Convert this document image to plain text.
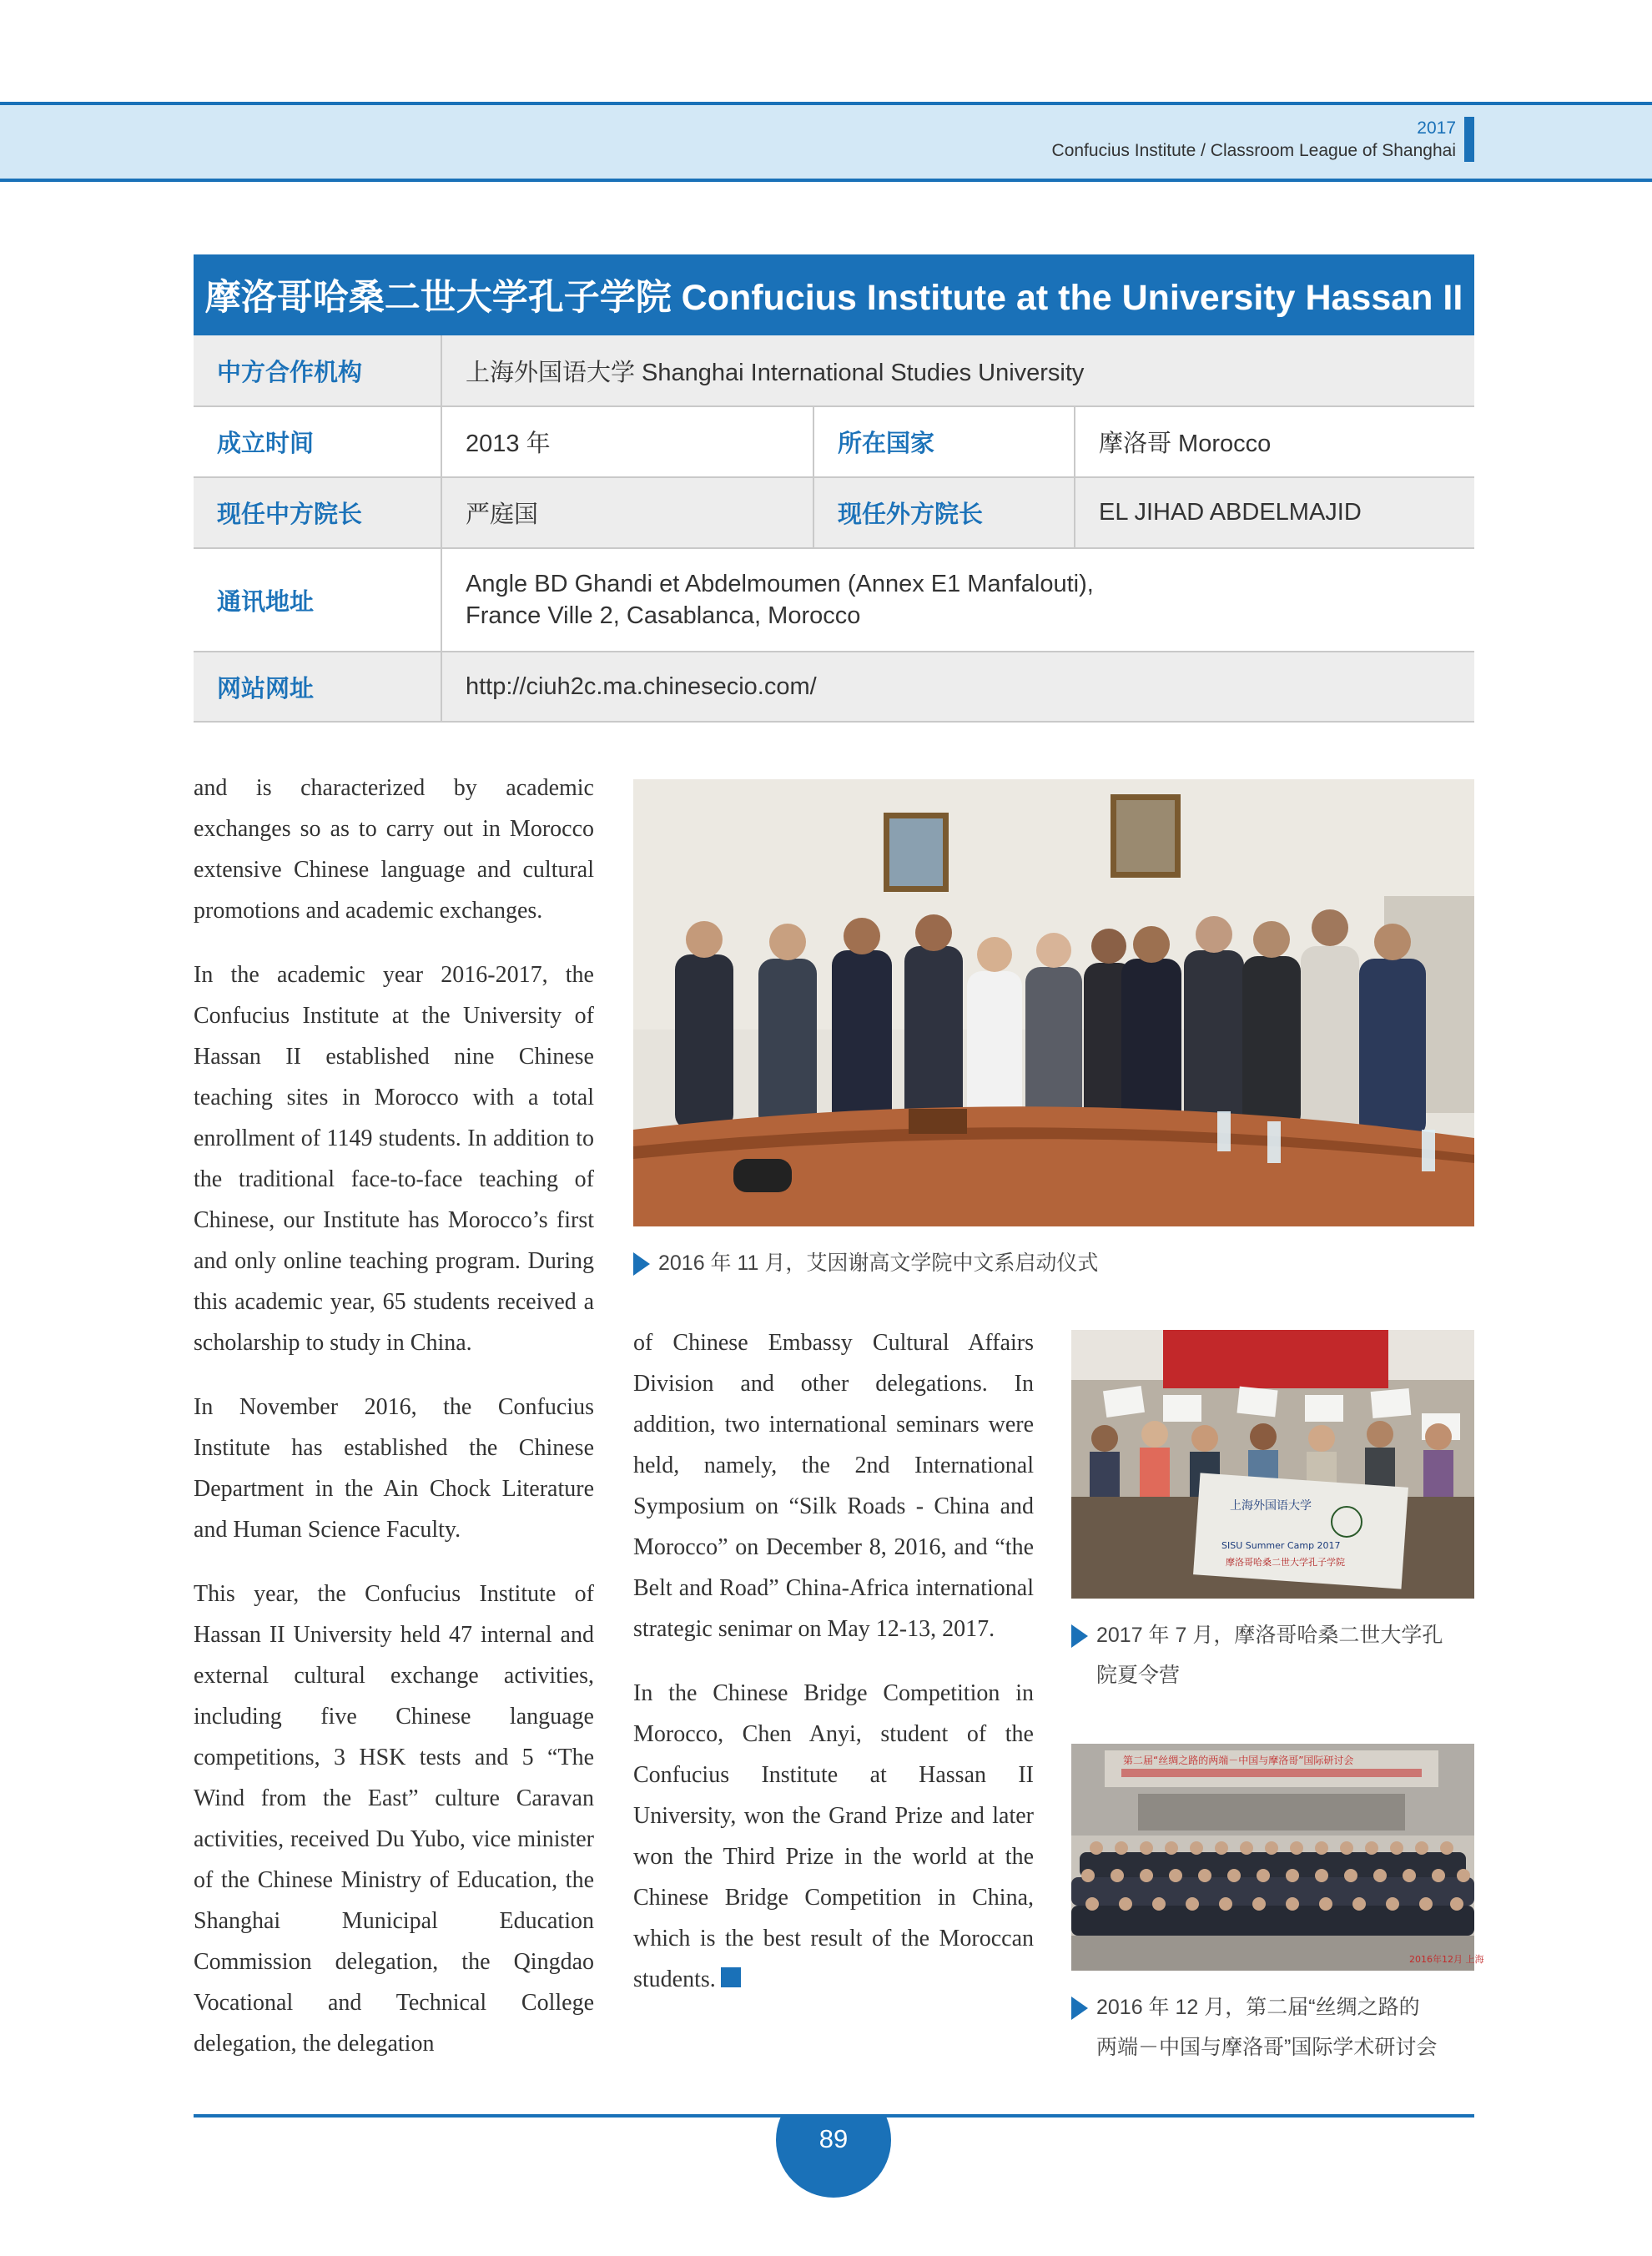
2017
Confucius Institute / Classroom League of Shanghai
摩洛哥哈桑二世大学孔子学院 Confucius Institute at the University Hassan II
中方合作机构	上海外国语大学 Shanghai International Studies University		
成立时间	2013 年	所在国家	摩洛哥 Morocco
现任中方院长	严庭国	现任外方院长	EL JIHAD ABDELMAJID
通讯地址	Angle BD Ghandi et Abdelmoumen (Annex E1 Manfalouti),
France Ville 2, Casablanca, Morocco		

网站网址	http://ciuh2c.ma.chinesecio.com/		

and is characterized by academic exchanges so as to carry out in Morocco extensive Chinese language and cultural promotions and academic exchanges.

In the academic year 2016-2017, the Confucius Institute at the University of Hassan II established nine Chinese teaching sites in Morocco with a total enrollment of 1149 students. In addition to the traditional face-to-face teaching of Chinese, our Institute has Morocco’s first and only online teaching program. During this academic year, 65 students received a scholarship to study in China.

In November 2016, the Confucius Institute has established the Chinese Department in the Ain Chock Literature and Human Science Faculty.

This year, the Confucius Institute of Hassan II University held 47 internal and external cultural exchange activities, including five Chinese language competitions, 3 HSK tests and 5 “The Wind from the East” culture Caravan activities, received Du Yubo, vice minister of the Chinese Ministry of Education, the Shanghai Municipal Education Commission delegation, the Qingdao Vocational and Technical College delegation, the delegation

of Chinese Embassy Cultural Affairs Division and other delegations. In addition, two international seminars were held, namely, the 2nd International Symposium on “Silk Roads - China and Morocco” on December 8, 2016, and “the Belt and Road” China-Africa international strategic senimar on May 12-13, 2017.

In the Chinese Bridge Competition in Morocco, Chen Anyi, student of the Confucius Institute at Hassan II University, won the Grand Prize and later won the Third Prize in the world at the Chinese Bridge Competition in China, which is the best result of the Moroccan students.

2016 年 11 月，艾因谢高文学院中文系启动仪式
上海外国语大学
SISU Summer Camp 2017
摩洛哥哈桑二世大学孔子学院
2017 年 7 月，摩洛哥哈桑二世大学孔
院夏令营
第二届“丝绸之路的两端－中国与摩洛哥”国际研讨会
2016年12月 上海
2016 年 12 月，第二届“丝绸之路的
两端－中国与摩洛哥”国际学术研讨会
89
